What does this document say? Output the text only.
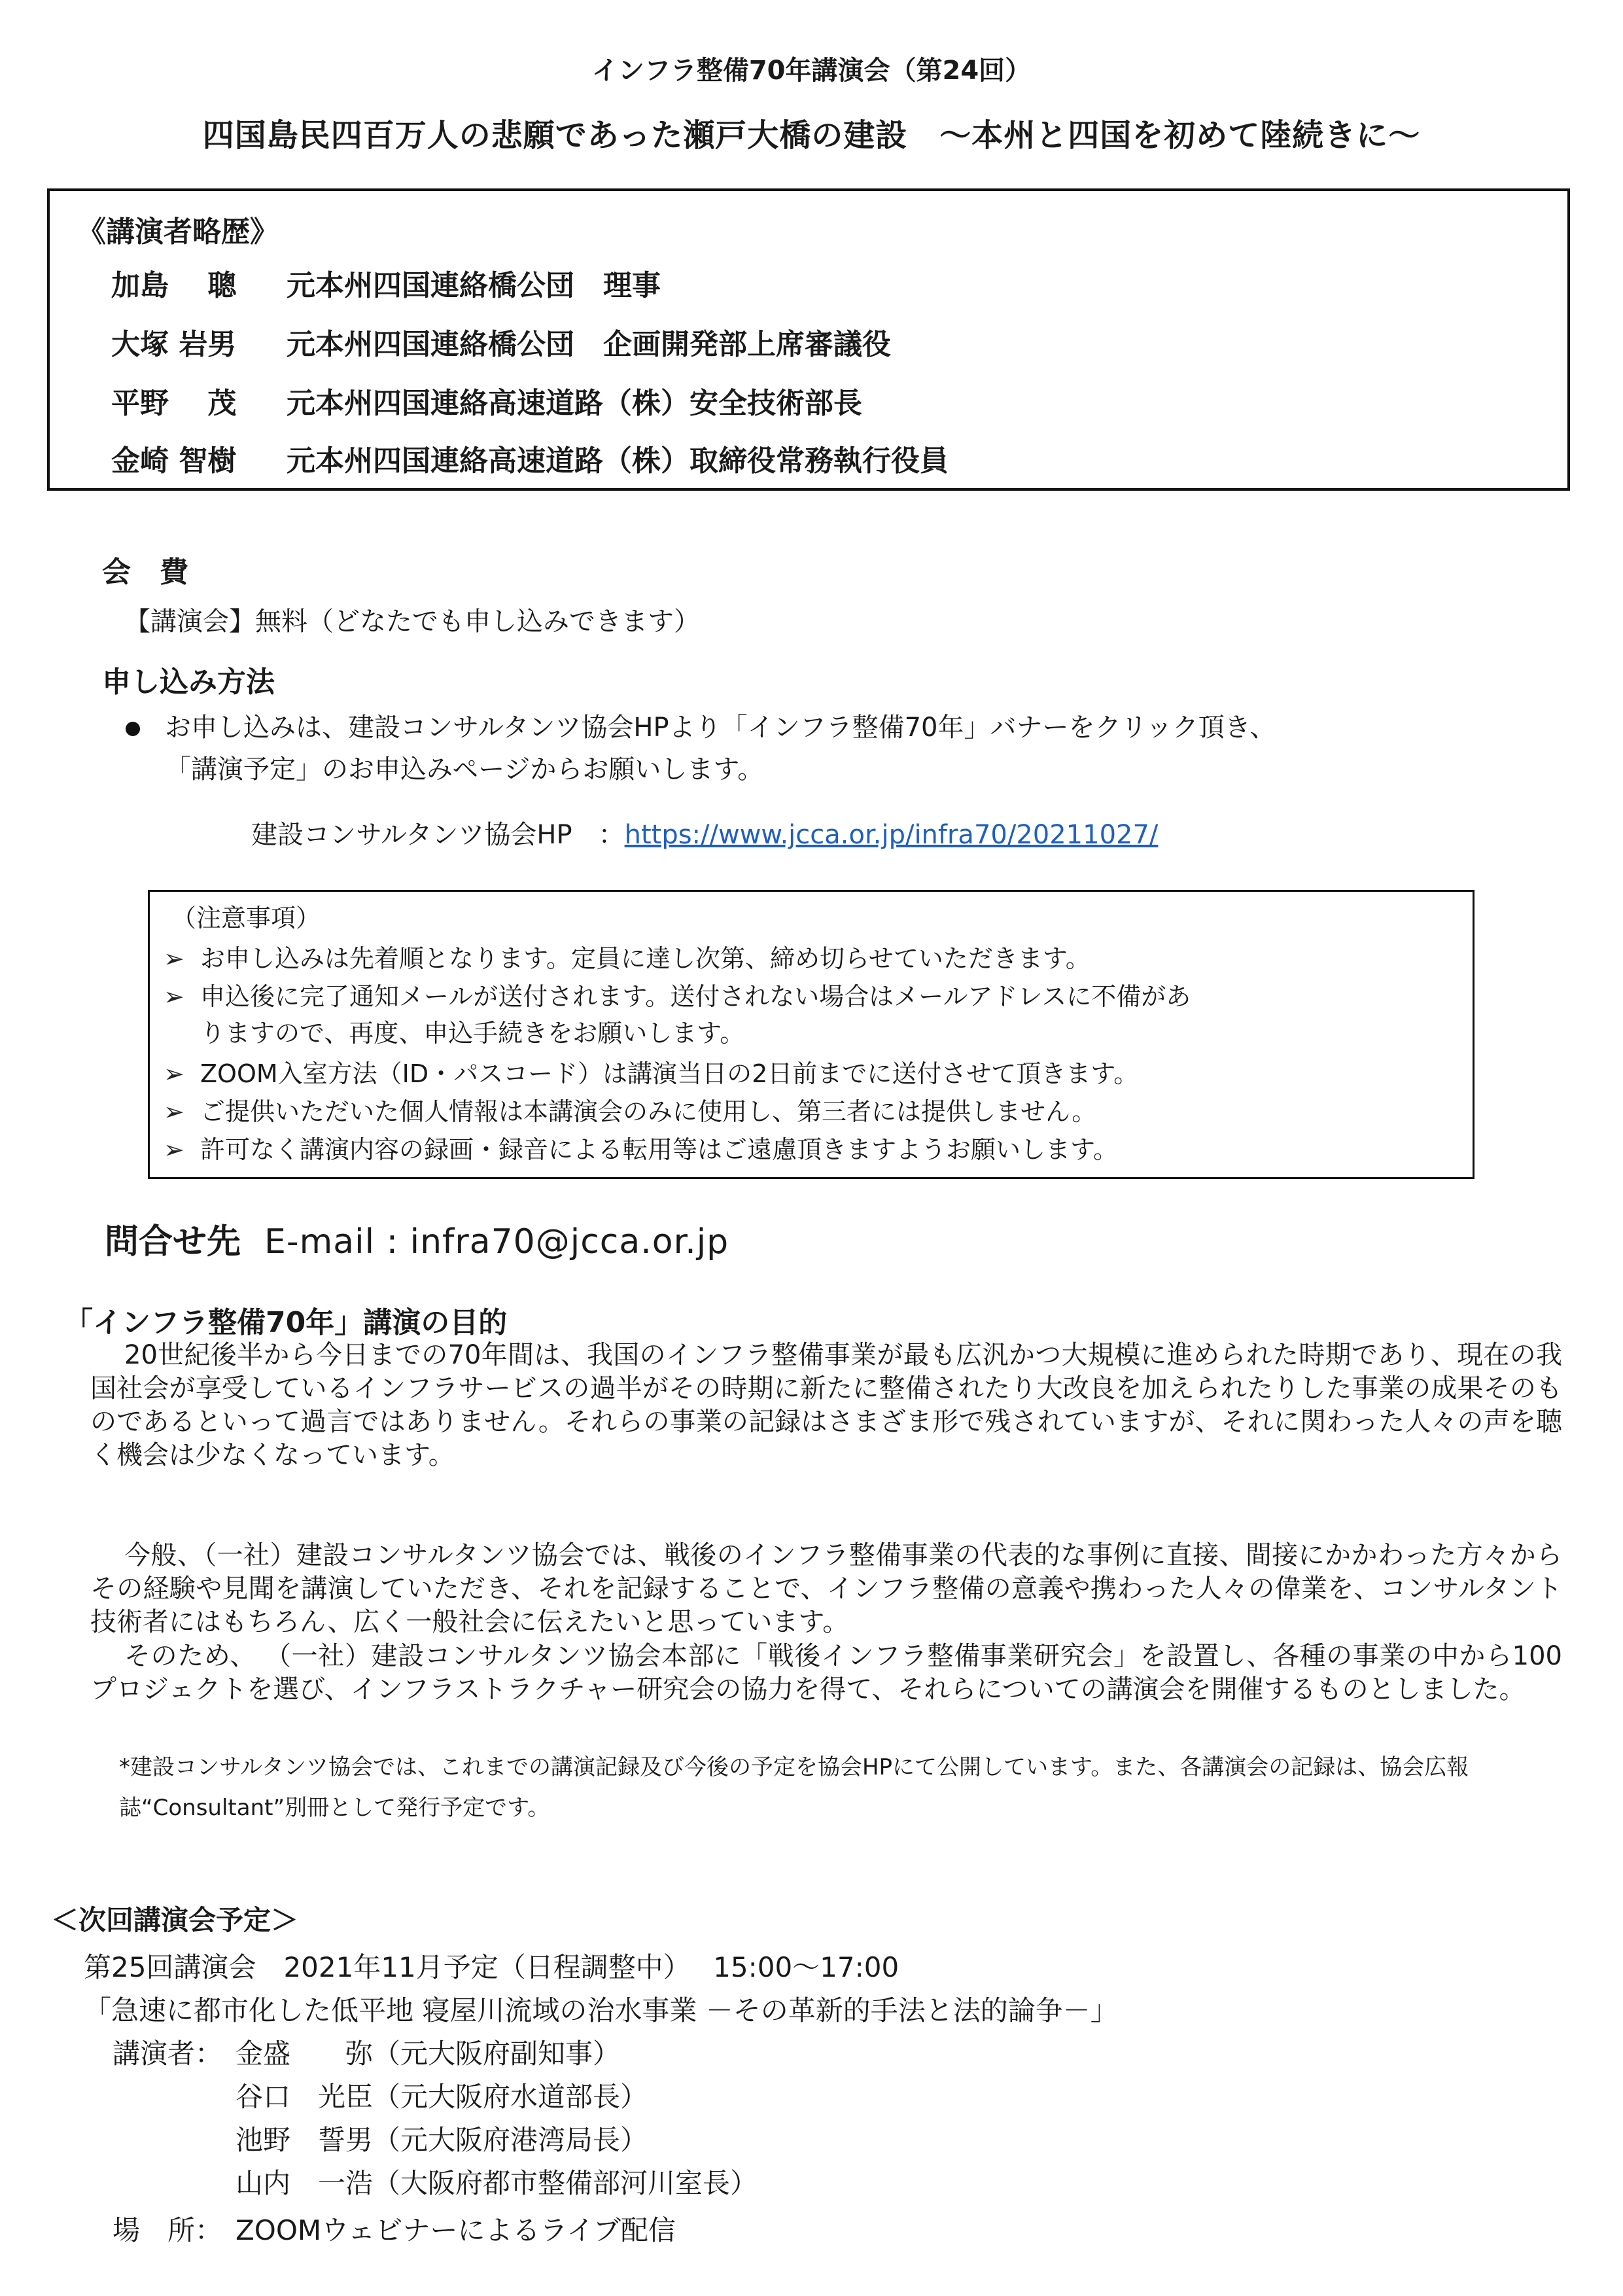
インフラ整備70年講演会（第24回）
四国島民四百万人の悲願であった瀬戸大橋の建設　～本州と四国を初めて陸続きに～
《講演者略歴》
加島　 聰 元本州四国連絡橋公団　理事
大塚 岩男 元本州四国連絡橋公団　企画開発部上席審議役
平野　 茂 元本州四国連絡高速道路（株）安全技術部長
金崎 智樹 元本州四国連絡高速道路（株）取締役常務執行役員
会　費
【講演会】無料（どなたでも申し込みできます）
申し込み方法
お申し込みは、建設コンサルタンツ協会HPより「インフラ整備70年」バナーをクリック頂き、
「講演予定」のお申込みページからお願いします。
建設コンサルタンツ協会HP　：https://www.jcca.or.jp/infra70/20211027/
（注意事項）
➢ お申し込みは先着順となります。定員に達し次第、締め切らせていただきます。
➢ 申込後に完了通知メールが送付されます。送付されない場合はメールアドレスに不備があ
りますので、再度、申込手続きをお願いします。
➢ ZOOM入室方法（ID・パスコード）は講演当日の2日前までに送付させて頂きます。
➢ ご提供いただいた個人情報は本講演会のみに使用し、第三者には提供しません。
➢ 許可なく講演内容の録画・録音による転用等はご遠慮頂きますようお願いします。
問合せ先 E-mail : infra70@jcca.or.jp
「インフラ整備70年」講演の目的
20世紀後半から今日までの70年間は、我国のインフラ整備事業が最も広汎かつ大規模に進められた時期であり、現在の我国社会が享受しているインフラサービスの過半がその時期に新たに整備されたり大改良を加えられたりした事業の成果そのものであるといって過言ではありません。それらの事業の記録はさまざま形で残されていますが、それに関わった人々の声を聴く機会は少なくなっています。
今般、（一社）建設コンサルタンツ協会では、戦後のインフラ整備事業の代表的な事例に直接、間接にかかわった方々からその経験や見聞を講演していただき、それを記録することで、インフラ整備の意義や携わった人々の偉業を、コンサルタント技術者にはもちろん、広く一般社会に伝えたいと思っています。
そのため、 （一社）建設コンサルタンツ協会本部に「戦後インフラ整備事業研究会」を設置し、各種の事業の中から100プロジェクトを選び、インフラストラクチャー研究会の協力を得て、それらについての講演会を開催するものとしました。
*建設コンサルタンツ協会では、これまでの講演記録及び今後の予定を協会HPにて公開しています。また、各講演会の記録は、協会広報誌“Consultant”別冊として発行予定です。
＜次回講演会予定＞
第25回講演会　2021年11月予定（日程調整中）　 15:00～17:00
「急速に都市化した低平地 寝屋川流域の治水事業 －その革新的手法と法的論争－」
講演者： 金盛　　弥（元大阪府副知事）
谷口　光臣（元大阪府水道部長）
池野　誓男（元大阪府港湾局長）
山内　一浩（大阪府都市整備部河川室長）
場　所： ZOOMウェビナーによるライブ配信
